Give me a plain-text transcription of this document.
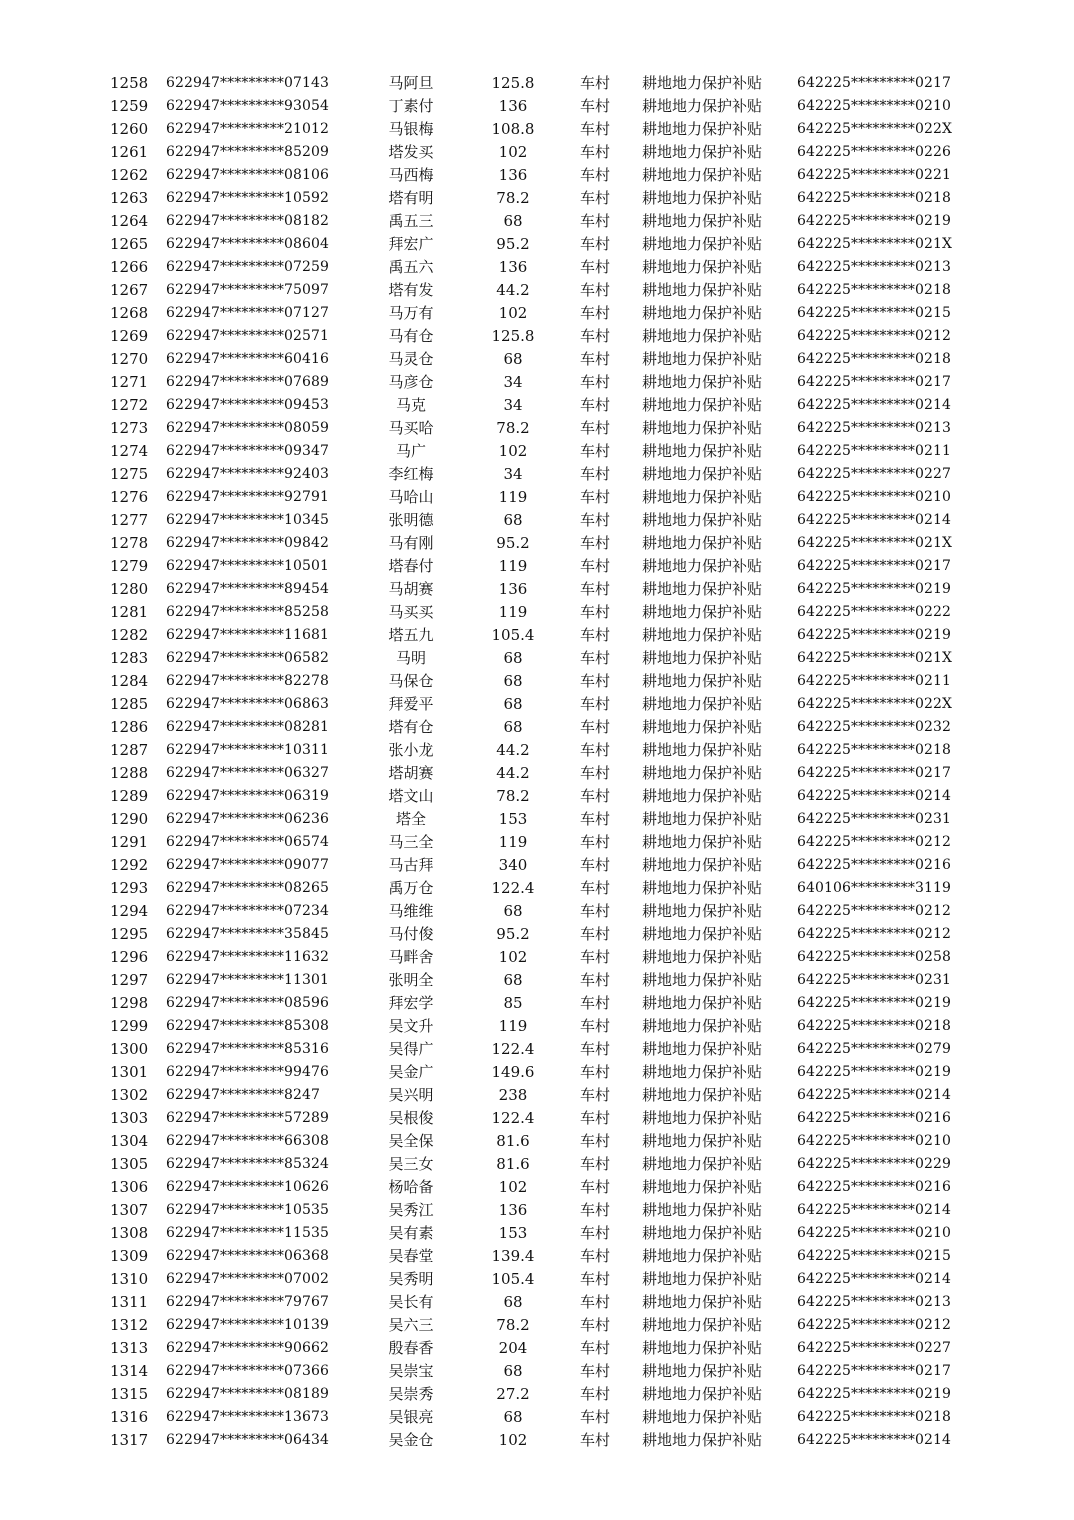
1258	622947*********07143	马阿旦	125.8	车村	耕地地力保护补贴	642225*********0217
1259	622947*********93054	丁素付	136	车村	耕地地力保护补贴	642225*********0210
1260	622947*********21012	马银梅	108.8	车村	耕地地力保护补贴	642225*********022X
1261	622947*********85209	塔发买	102	车村	耕地地力保护补贴	642225*********0226
1262	622947*********08106	马西梅	136	车村	耕地地力保护补贴	642225*********0221
1263	622947*********10592	塔有明	78.2	车村	耕地地力保护补贴	642225*********0218
1264	622947*********08182	禹五三	68	车村	耕地地力保护补贴	642225*********0219
1265	622947*********08604	拜宏广	95.2	车村	耕地地力保护补贴	642225*********021X
1266	622947*********07259	禹五六	136	车村	耕地地力保护补贴	642225*********0213
1267	622947*********75097	塔有发	44.2	车村	耕地地力保护补贴	642225*********0218
1268	622947*********07127	马万有	102	车村	耕地地力保护补贴	642225*********0215
1269	622947*********02571	马有仓	125.8	车村	耕地地力保护补贴	642225*********0212
1270	622947*********60416	马灵仓	68	车村	耕地地力保护补贴	642225*********0218
1271	622947*********07689	马彦仓	34	车村	耕地地力保护补贴	642225*********0217
1272	622947*********09453	马克	34	车村	耕地地力保护补贴	642225*********0214
1273	622947*********08059	马买哈	78.2	车村	耕地地力保护补贴	642225*********0213
1274	622947*********09347	马广	102	车村	耕地地力保护补贴	642225*********0211
1275	622947*********92403	李红梅	34	车村	耕地地力保护补贴	642225*********0227
1276	622947*********92791	马哈山	119	车村	耕地地力保护补贴	642225*********0210
1277	622947*********10345	张明德	68	车村	耕地地力保护补贴	642225*********0214
1278	622947*********09842	马有刚	95.2	车村	耕地地力保护补贴	642225*********021X
1279	622947*********10501	塔春付	119	车村	耕地地力保护补贴	642225*********0217
1280	622947*********89454	马胡赛	136	车村	耕地地力保护补贴	642225*********0219
1281	622947*********85258	马买买	119	车村	耕地地力保护补贴	642225*********0222
1282	622947*********11681	塔五九	105.4	车村	耕地地力保护补贴	642225*********0219
1283	622947*********06582	马明	68	车村	耕地地力保护补贴	642225*********021X
1284	622947*********82278	马保仓	68	车村	耕地地力保护补贴	642225*********0211
1285	622947*********06863	拜爱平	68	车村	耕地地力保护补贴	642225*********022X
1286	622947*********08281	塔有仓	68	车村	耕地地力保护补贴	642225*********0232
1287	622947*********10311	张小龙	44.2	车村	耕地地力保护补贴	642225*********0218
1288	622947*********06327	塔胡赛	44.2	车村	耕地地力保护补贴	642225*********0217
1289	622947*********06319	塔文山	78.2	车村	耕地地力保护补贴	642225*********0214
1290	622947*********06236	塔全	153	车村	耕地地力保护补贴	642225*********0231
1291	622947*********06574	马三全	119	车村	耕地地力保护补贴	642225*********0212
1292	622947*********09077	马古拜	340	车村	耕地地力保护补贴	642225*********0216
1293	622947*********08265	禹万仓	122.4	车村	耕地地力保护补贴	640106*********3119
1294	622947*********07234	马维维	68	车村	耕地地力保护补贴	642225*********0212
1295	622947*********35845	马付俊	95.2	车村	耕地地力保护补贴	642225*********0212
1296	622947*********11632	马畔舍	102	车村	耕地地力保护补贴	642225*********0258
1297	622947*********11301	张明全	68	车村	耕地地力保护补贴	642225*********0231
1298	622947*********08596	拜宏学	85	车村	耕地地力保护补贴	642225*********0219
1299	622947*********85308	吴文升	119	车村	耕地地力保护补贴	642225*********0218
1300	622947*********85316	吴得广	122.4	车村	耕地地力保护补贴	642225*********0279
1301	622947*********99476	吴金广	149.6	车村	耕地地力保护补贴	642225*********0219
1302	622947*********8247	吴兴明	238	车村	耕地地力保护补贴	642225*********0214
1303	622947*********57289	吴根俊	122.4	车村	耕地地力保护补贴	642225*********0216
1304	622947*********66308	吴全保	81.6	车村	耕地地力保护补贴	642225*********0210
1305	622947*********85324	吴三女	81.6	车村	耕地地力保护补贴	642225*********0229
1306	622947*********10626	杨哈备	102	车村	耕地地力保护补贴	642225*********0216
1307	622947*********10535	吴秀江	136	车村	耕地地力保护补贴	642225*********0214
1308	622947*********11535	吴有素	153	车村	耕地地力保护补贴	642225*********0210
1309	622947*********06368	吴春堂	139.4	车村	耕地地力保护补贴	642225*********0215
1310	622947*********07002	吴秀明	105.4	车村	耕地地力保护补贴	642225*********0214
1311	622947*********79767	吴长有	68	车村	耕地地力保护补贴	642225*********0213
1312	622947*********10139	吴六三	78.2	车村	耕地地力保护补贴	642225*********0212
1313	622947*********90662	殷春香	204	车村	耕地地力保护补贴	642225*********0227
1314	622947*********07366	吴崇宝	68	车村	耕地地力保护补贴	642225*********0217
1315	622947*********08189	吴崇秀	27.2	车村	耕地地力保护补贴	642225*********0219
1316	622947*********13673	吴银亮	68	车村	耕地地力保护补贴	642225*********0218
1317	622947*********06434	吴金仓	102	车村	耕地地力保护补贴	642225*********0214
